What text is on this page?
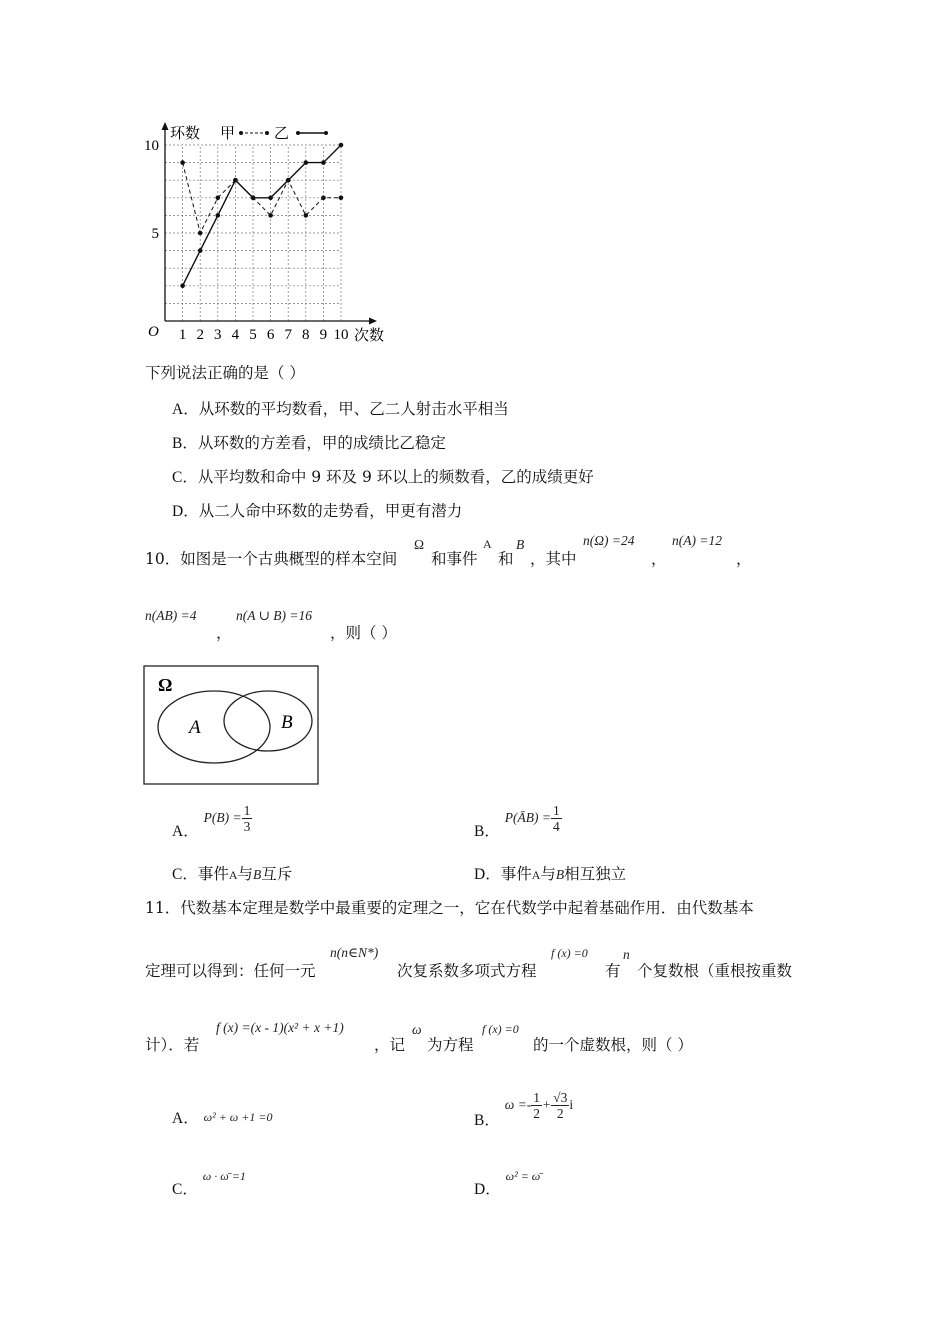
1 2 3 4 5 6 7 8 9 10
5
10
环数 甲	乙
O	次数
下列说法正确的是（ ）
A．从环数的平均数看，甲、乙二人射击水平相当
B．从环数的方差看，甲的成绩比乙稳定
C．从平均数和命中 9 环及 9 环以上的频数看，乙的成绩更好
D．从二人命中环数的走势看，甲更有潜力
10．如图是一个古典概型的样本空间
Ω
和事件
A
和
B
，其中
n(Ω) =24
，
n(A) =12
，
n(AB) =4
，
n(A ∪ B) =16
，则（ ）
Ω
A	B
A． $P(B) = \frac{1}{3}$	B． P(ĀB) = $\frac{1}{4}$
C．事件A与B互斥	D．事件A与B相互独立
11．代数基本定理是数学中最重要的定理之一，它在代数学中起着基础作用．由代数基本
定理可以得到：任何一元
n(n∈N*)
次复系数多项式方程
f (x) =0
有
n
个复数根（重根按重数
计）．若
f (x) =(x - 1)(x² + x +1)
，记
ω
为方程
f (x) =0
的一个虚数根，则（ ）
A． ω² + ω +1 =0	B． $\omega =- \frac{1}{2} + \frac{√3}{2}$ i
C． ω · ω̄ =1
D． ω² = ω̄
